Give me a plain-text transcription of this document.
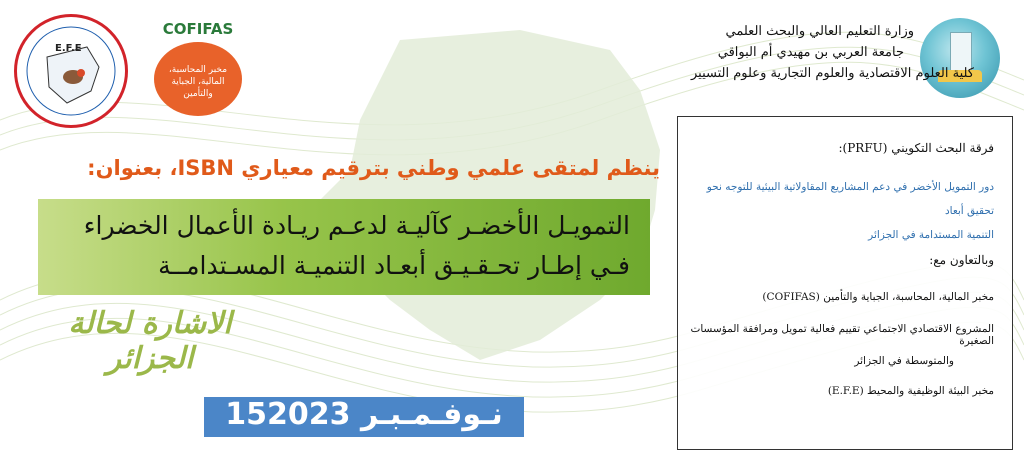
E.F.E
COFIFAS
مخبر المحاسبة، المالية، الجباية والتأمين
وزارة التعليم العالي والبحث العلمي
جامعة العربي بن مهيدي أم البواقي
كلية العلوم الاقتصادية والعلوم التجارية وعلوم التسيير
ينظم لمتقى علمي وطني بترقيم معياري ISBN، بعنوان:
التمويـل الأخضـر كآليـة لدعـم ريـادة الأعمال الخضراء
فـي إطـار تحـقـيـق أبعـاد التنميـة المسـتدامــة
الاشارة لحالة الجزائر
15نـوفـمـبـر 2023
فرقة البحث التكويني (PRFU):
دور التمويل الأخضر في دعم المشاريع المقاولاتية البيئية للتوجه نحو تحقيق أبعاد
التنمية المستدامة في الجزائر
وبالتعاون مع:
مخبر المالية، المحاسبة، الجباية والتأمين (COFIFAS)
المشروع الاقتصادي الاجتماعي تقييم فعالية تمويل ومرافقة المؤسسات الصغيرة
والمتوسطة في الجزائر
مخبر البيئة الوظيفية والمحيط (E.F.E)
